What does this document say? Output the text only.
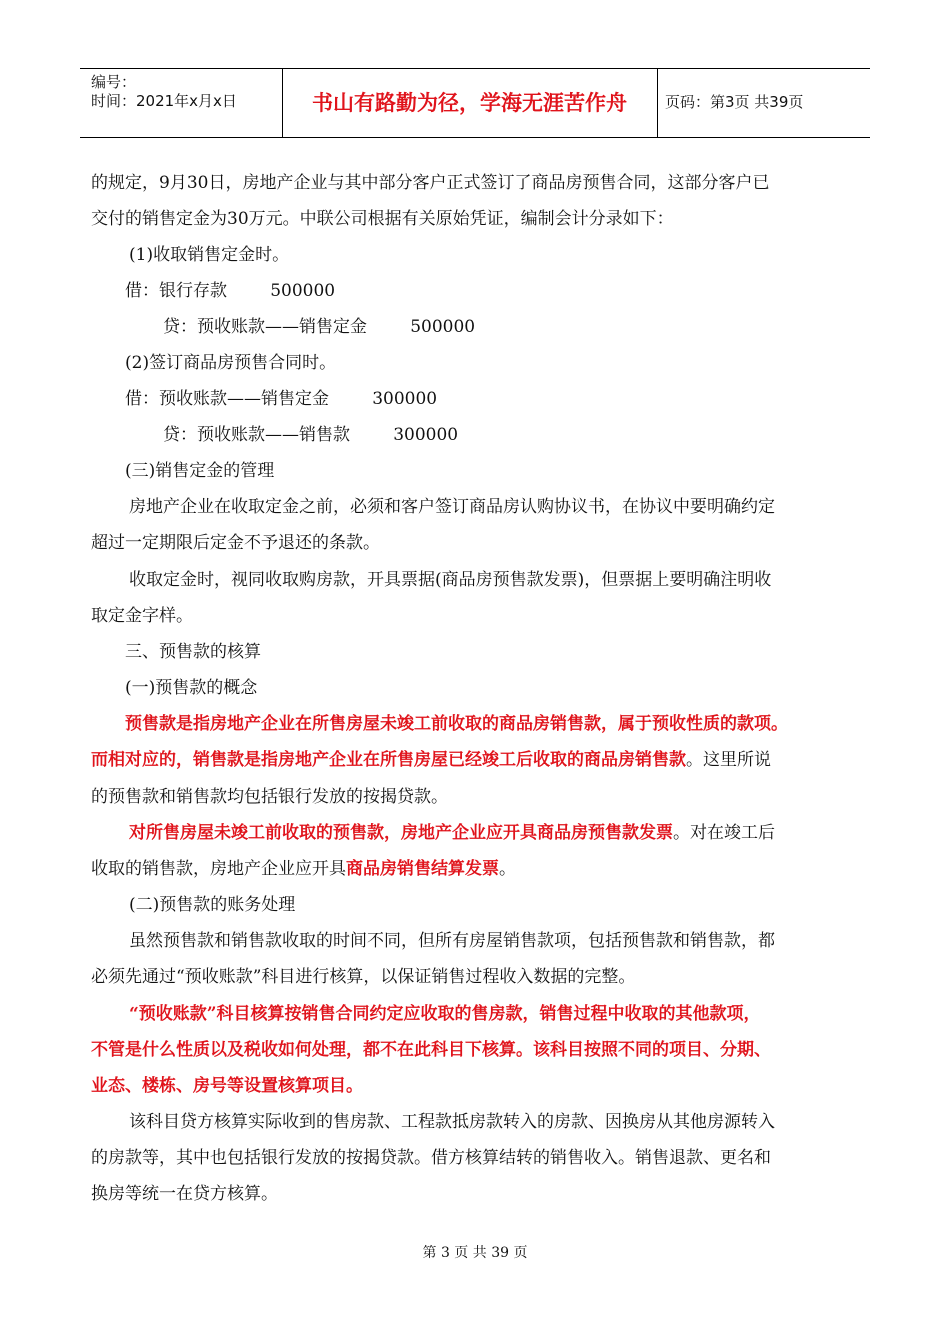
编号：
时间：2021年x月x日	书山有路勤为径，学海无涯苦作舟	页码：第3页 共39页
的规定，9月30日，房地产企业与其中部分客户正式签订了商品房预售合同，这部分客户已
交付的销售定金为30万元。中联公司根据有关原始凭证，编制会计分录如下：
(1)收取销售定金时。
借：银行存款        500000
贷：预收账款——销售定金        500000
(2)签订商品房预售合同时。
借：预收账款——销售定金        300000
贷：预收账款——销售款        300000
(三)销售定金的管理
房地产企业在收取定金之前，必须和客户签订商品房认购协议书，在协议中要明确约定
超过一定期限后定金不予退还的条款。
收取定金时，视同收取购房款，开具票据(商品房预售款发票)，但票据上要明确注明收
取定金字样。
三、预售款的核算
(一)预售款的概念
预售款是指房地产企业在所售房屋未竣工前收取的商品房销售款，属于预收性质的款项。
而相对应的，销售款是指房地产企业在所售房屋已经竣工后收取的商品房销售款。这里所说
的预售款和销售款均包括银行发放的按揭贷款。
对所售房屋未竣工前收取的预售款，房地产企业应开具商品房预售款发票。对在竣工后
收取的销售款，房地产企业应开具商品房销售结算发票。
(二)预售款的账务处理
虽然预售款和销售款收取的时间不同，但所有房屋销售款项，包括预售款和销售款，都
必须先通过“预收账款”科目进行核算，以保证销售过程收入数据的完整。
“预收账款”科目核算按销售合同约定应收取的售房款，销售过程中收取的其他款项，
不管是什么性质以及税收如何处理，都不在此科目下核算。该科目按照不同的项目、分期、
业态、楼栋、房号等设置核算项目。
该科目贷方核算实际收到的售房款、工程款抵房款转入的房款、因换房从其他房源转入
的房款等，其中也包括银行发放的按揭贷款。借方核算结转的销售收入。销售退款、更名和
换房等统一在贷方核算。
第 3 页 共 39 页
